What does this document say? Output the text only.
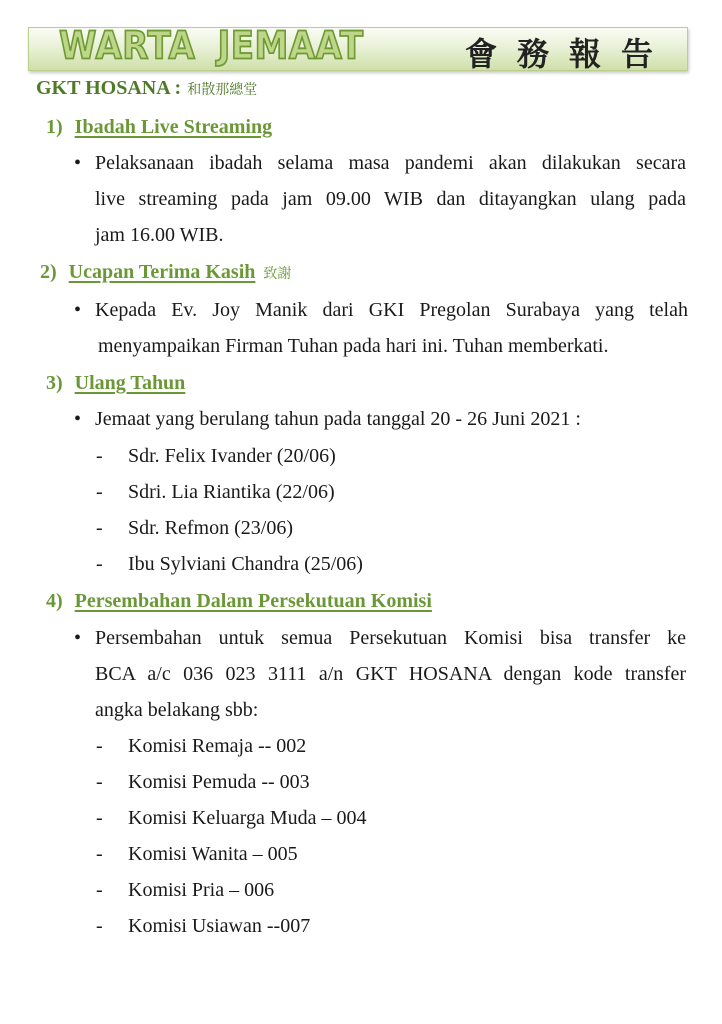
WARTA JEMAAT	會務報告
GKT HOSANA : 和散那總堂
1) Ibadah Live Streaming
• Pelaksanaan ibadah selama masa pandemi akan dilakukan secara
live streaming pada jam 09.00 WIB dan ditayangkan ulang pada
jam 16.00 WIB.
2) Ucapan Terima Kasih 致謝
• Kepada Ev. Joy Manik dari GKI Pregolan Surabaya yang telah
menyampaikan Firman Tuhan pada hari ini. Tuhan memberkati.
3) Ulang Tahun
• Jemaat yang berulang tahun pada tanggal 20 - 26 Juni 2021 :
- Sdr. Felix Ivander (20/06)
- Sdri. Lia Riantika (22/06)
- Sdr. Refmon (23/06)
- Ibu Sylviani Chandra (25/06)
4) Persembahan Dalam Persekutuan Komisi
• Persembahan untuk semua Persekutuan Komisi bisa transfer ke
BCA a/c 036 023 3111 a/n GKT HOSANA dengan kode transfer
angka belakang sbb:
- Komisi Remaja -- 002
- Komisi Pemuda -- 003
- Komisi Keluarga Muda – 004
- Komisi Wanita – 005
- Komisi Pria – 006
- Komisi Usiawan --007
